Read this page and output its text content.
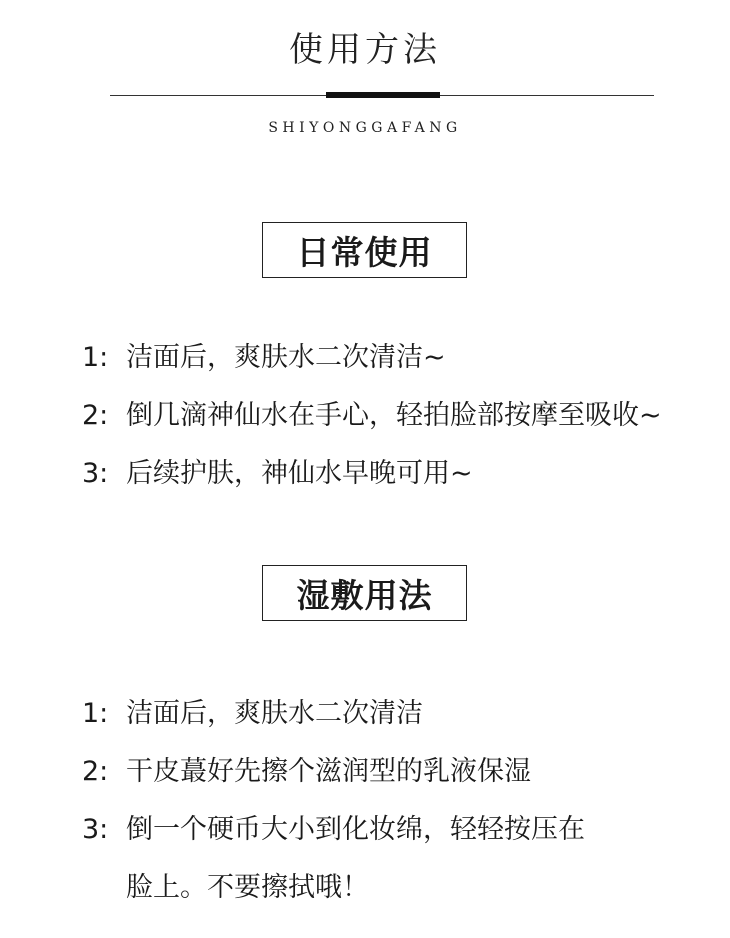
使用方法
SHIYONGGAFANG
日常使用
1: 洁面后，爽肤水二次清洁~
2: 倒几滴神仙水在手心，轻拍脸部按摩至吸收~
3: 后续护肤，神仙水早晚可用~
湿敷用法
1: 洁面后，爽肤水二次清洁
2: 干皮蕞好先擦个滋润型的乳液保湿
3: 倒一个硬币大小到化妆绵，轻轻按压在
脸上。不要擦拭哦！
